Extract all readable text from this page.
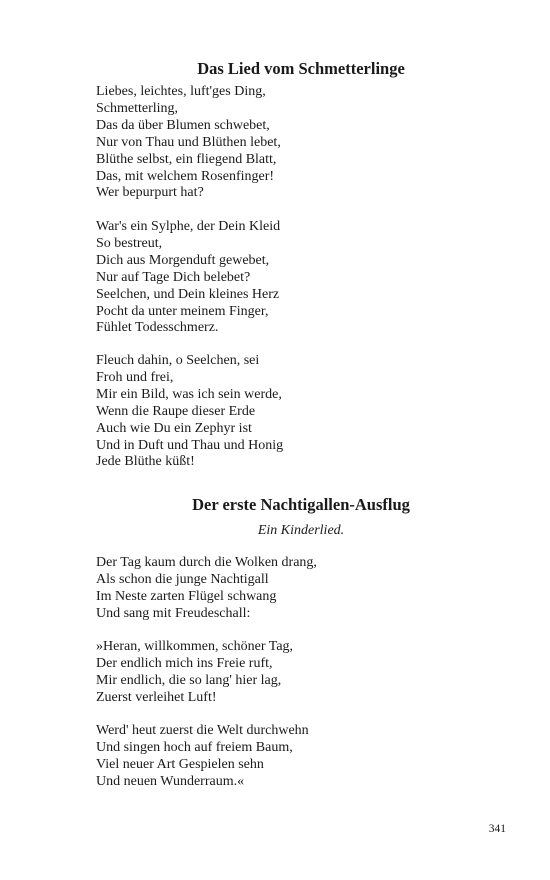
Das Lied vom Schmetterlinge
Liebes, leichtes, luft'ges Ding,
Schmetterling,
Das da über Blumen schwebet,
Nur von Thau und Blüthen lebet,
Blüthe selbst, ein fliegend Blatt,
Das, mit welchem Rosenfinger!
Wer bepurpurt hat?
War's ein Sylphe, der Dein Kleid
So bestreut,
Dich aus Morgenduft gewebet,
Nur auf Tage Dich belebet?
Seelchen, und Dein kleines Herz
Pocht da unter meinem Finger,
Fühlet Todesschmerz.
Fleuch dahin, o Seelchen, sei
Froh und frei,
Mir ein Bild, was ich sein werde,
Wenn die Raupe dieser Erde
Auch wie Du ein Zephyr ist
Und in Duft und Thau und Honig
Jede Blüthe küßt!
Der erste Nachtigallen-Ausflug

Ein Kinderlied.

Der Tag kaum durch die Wolken drang,
Als schon die junge Nachtigall
Im Neste zarten Flügel schwang
Und sang mit Freudeschall:
»Heran, willkommen, schöner Tag,
Der endlich mich ins Freie ruft,
Mir endlich, die so lang' hier lag,
Zuerst verleihet Luft!
Werd' heut zuerst die Welt durchwehn
Und singen hoch auf freiem Baum,
Viel neuer Art Gespielen sehn
Und neuen Wunderraum.«
341
